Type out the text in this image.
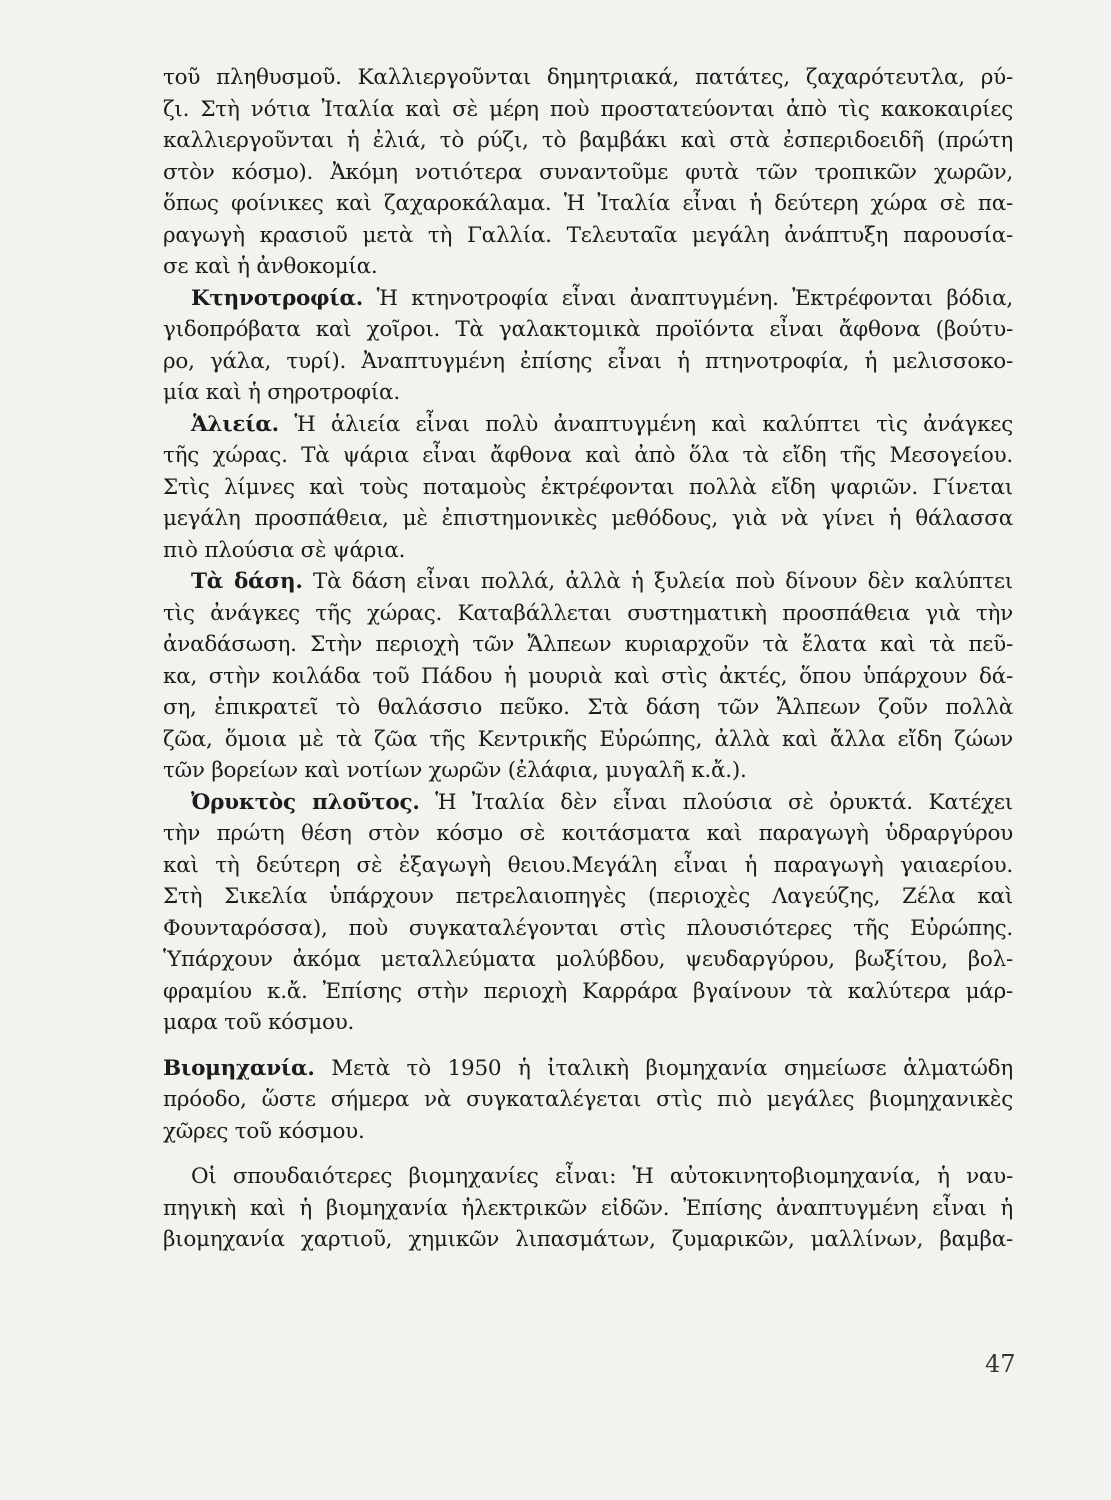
τοῦ πληθυσμοῦ. Καλλιεργοῦνται δημητριακά, πατάτες, ζαχαρότευτλα, ρύ-
ζι. Στὴ νότια Ἰταλία καὶ σὲ μέρη ποὺ προστατεύονται ἀπὸ τὶς κακοκαιρίες
καλλιεργοῦνται ἡ ἐλιά, τὸ ρύζι, τὸ βαμβάκι καὶ στὰ ἐσπεριδοειδῆ (πρώτη
στὸν κόσμο). Ἀκόμη νοτιότερα συναντοῦμε φυτὰ τῶν τροπικῶν χωρῶν,
ὅπως φοίνικες καὶ ζαχαροκάλαμα. Ἡ Ἰταλία εἶναι ἡ δεύτερη χώρα σὲ πα-
ραγωγὴ κρασιοῦ μετὰ τὴ Γαλλία. Τελευταῖα μεγάλη ἀνάπτυξη παρουσία-
σε καὶ ἡ ἀνθοκομία.
Κτηνοτροφία. Ἡ κτηνοτροφία εἶναι ἀναπτυγμένη. Ἐκτρέφονται βόδια,
γιδοπρόβατα καὶ χοῖροι. Τὰ γαλακτομικὰ προϊόντα εἶναι ἄφθονα (βούτυ-
ρο, γάλα, τυρί). Ἀναπτυγμένη ἐπίσης εἶναι ἡ πτηνοτροφία, ἡ μελισσοκο-
μία καὶ ἡ σηροτροφία.
Ἁλιεία. Ἡ ἁλιεία εἶναι πολὺ ἀναπτυγμένη καὶ καλύπτει τὶς ἀνάγκες
τῆς χώρας. Τὰ ψάρια εἶναι ἄφθονα καὶ ἀπὸ ὅλα τὰ εἴδη τῆς Μεσογείου.
Στὶς λίμνες καὶ τοὺς ποταμοὺς ἐκτρέφονται πολλὰ εἴδη ψαριῶν. Γίνεται
μεγάλη προσπάθεια, μὲ ἐπιστημονικὲς μεθόδους, γιὰ νὰ γίνει ἡ θάλασσα
πιὸ πλούσια σὲ ψάρια.
Τὰ δάση. Τὰ δάση εἶναι πολλά, ἀλλὰ ἡ ξυλεία ποὺ δίνουν δὲν καλύπτει
τὶς ἀνάγκες τῆς χώρας. Καταβάλλεται συστηματικὴ προσπάθεια γιὰ τὴν
ἀναδάσωση. Στὴν περιοχὴ τῶν Ἄλπεων κυριαρχοῦν τὰ ἔλατα καὶ τὰ πεῦ-
κα, στὴν κοιλάδα τοῦ Πάδου ἡ μουριὰ καὶ στὶς ἀκτές, ὅπου ὑπάρχουν δά-
ση, ἐπικρατεῖ τὸ θαλάσσιο πεῦκο. Στὰ δάση τῶν Ἄλπεων ζοῦν πολλὰ
ζῶα, ὅμοια μὲ τὰ ζῶα τῆς Κεντρικῆς Εὐρώπης, ἀλλὰ καὶ ἄλλα εἴδη ζώων
τῶν βορείων καὶ νοτίων χωρῶν (ἐλάφια, μυγαλῆ κ.ἄ.).
Ὀρυκτὸς πλοῦτος. Ἡ Ἰταλία δὲν εἶναι πλούσια σὲ ὀρυκτά. Κατέχει
τὴν πρώτη θέση στὸν κόσμο σὲ κοιτάσματα καὶ παραγωγὴ ὑδραργύρου
καὶ τὴ δεύτερη σὲ ἐξαγωγὴ θειου.Μεγάλη εἶναι ἡ παραγωγὴ γαιαερίου.
Στὴ Σικελία ὑπάρχουν πετρελαιοπηγὲς (περιοχὲς Λαγεύζης, Ζέλα καὶ
Φουνταρόσσα), ποὺ συγκαταλέγονται στὶς πλουσιότερες τῆς Εὐρώπης.
Ὑπάρχουν ἀκόμα μεταλλεύματα μολύβδου, ψευδαργύρου, βωξίτου, βολ-
φραμίου κ.ἄ. Ἐπίσης στὴν περιοχὴ Καρράρα βγαίνουν τὰ καλύτερα μάρ-
μαρα τοῦ κόσμου.
Βιομηχανία. Μετὰ τὸ 1950 ἡ ἰταλικὴ βιομηχανία σημείωσε ἁλματώδη
πρόοδο, ὥστε σήμερα νὰ συγκαταλέγεται στὶς πιὸ μεγάλες βιομηχανικὲς
χῶρες τοῦ κόσμου.
Οἱ σπουδαιότερες βιομηχανίες εἶναι: Ἡ αὐτοκινητοβιομηχανία, ἡ ναυ-
πηγικὴ καὶ ἡ βιομηχανία ἠλεκτρικῶν εἰδῶν. Ἐπίσης ἀναπτυγμένη εἶναι ἡ
βιομηχανία χαρτιοῦ, χημικῶν λιπασμάτων, ζυμαρικῶν, μαλλίνων, βαμβα-
47
